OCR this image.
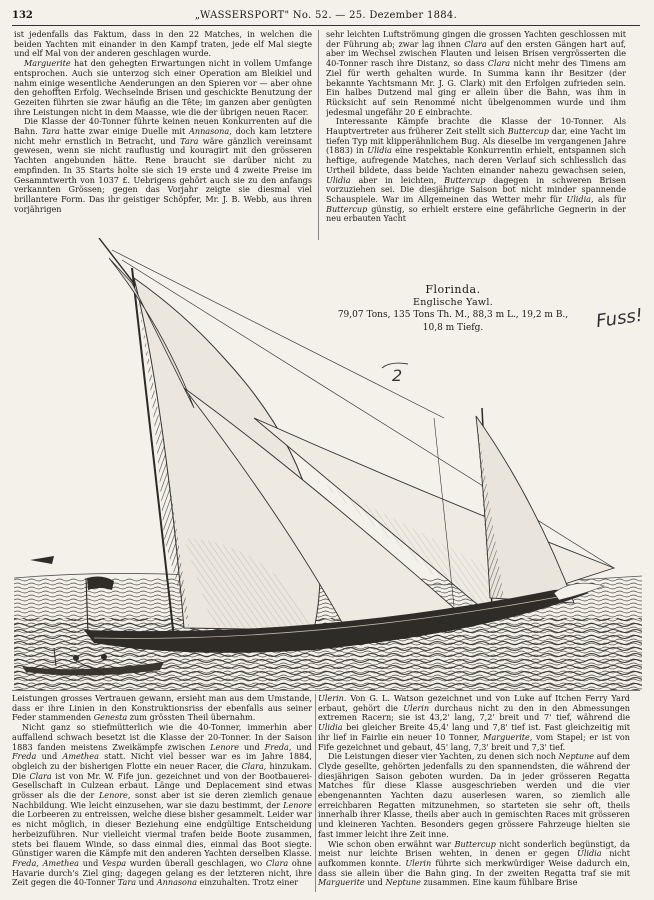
132	„WASSERSPORT" No. 52. — 25. Dezember 1884.

ist jedenfalls das Faktum, dass in den 22 Matches, in welchen die beiden Yachten mit einander in den Kampf traten, jede elf Mal siegte und elf Mal von der anderen geschlagen wurde.

Marguerite hat den gehegten Erwartungen nicht in vollem Umfange entsprochen. Auch sie unterzog sich einer Operation am Bleikiel und nahm einige wesentliche Aenderungen an den Spieren vor — aber ohne den gehofften Erfolg. Wechselnde Brisen und geschickte Benutzung der Gezeiten führten sie zwar häufig an die Tête; im ganzen aber genügten ihre Leistungen nicht in dem Maasse, wie die der übrigen neuen Racer.

Die Klasse der 40-Tonner führte keinen neuen Konkurrenten auf die Bahn. Tara hatte zwar einige Duelle mit Annasona, doch kam letztere nicht mehr ernstlich in Betracht, und Tara wäre gänzlich vereinsamt gewesen, wenn sie nicht rauflustig und kouragirt mit den grösseren Yachten angebunden hätte. Rene braucht sie darüber nicht zu empfinden. In 35 Starts holte sie sich 19 erste und 4 zweite Preise im Gesammtwerth von 1037 £. Uebrigens gehört auch sie zu den anfangs verkannten Grössen; gegen das Vorjahr zeigte sie diesmal viel brillantere Form. Das ihr geistiger Schöpfer, Mr. J. B. Webb, aus ihren vorjährigen

sehr leichten Luftströmung gingen die grossen Yachten geschlossen mit der Führung ab; zwar lag ihnen Clara auf den ersten Gängen hart auf, aber im Wechsel zwischen Flauten und leisen Brisen vergrösserten die 40-Tonner rasch ihre Distanz, so dass Clara nicht mehr des Timens am Ziel für werth gehalten wurde. In Summa kann ihr Besitzer (der bekannte Yachtsmann Mr. J. G. Clark) mit den Erfolgen zufrieden sein. Ein halbes Dutzend mal ging er allein über die Bahn, was ihm in Rücksicht auf sein Renommé nicht übelgenommen wurde und ihm jedesmal ungefähr 20 £ einbrachte.

Interessante Kämpfe brachte die Klasse der 10-Tonner. Als Hauptvertreter aus früherer Zeit stellt sich Buttercup dar, eine Yacht im tiefen Typ mit klipperähnlichem Bug. Als dieselbe im vergangenen Jahre (1883) in Ulidia eine respektable Konkurrentin erhielt, entspannen sich heftige, aufregende Matches, nach deren Verlauf sich schliesslich das Urtheil bildete, dass beide Yachten einander nahezu gewachsen seien, Ulidia aber in leichten, Buttercup dagegen in schweren Brisen vorzuziehen sei. Die diesjährige Saison bot nicht minder spannende Schauspiele. War im Allgemeinen das Wetter mehr für Ulidia, als für Buttercup günstig, so erhielt erstere eine gefährliche Gegnerin in der neu erbauten Yacht

Florinda.
Englische Yawl.
79,07 Tons, 135 Tons Th. M., 88,3 m L., 19,2 m B.,
10,8 m Tiefg.	Fuss!
2

Leistungen grosses Vertrauen gewann, ersieht man aus dem Umstande, dass er ihre Linien in den Konstruktionsriss der ebenfalls aus seiner Feder stammenden Genesta zum grössten Theil übernahm.

Nicht ganz so stiefmütterlich wie die 40-Tonner, immerhin aber auffallend schwach besetzt ist die Klasse der 20-Tonner. In der Saison 1883 fanden meistens Zweikämpfe zwischen Lenore und Freda, und Freda und Amethea statt. Nicht viel besser war es im Jahre 1884, obgleich zu der bisherigen Flotte ein neuer Racer, die Clara, hinzukam. Die Clara ist von Mr. W. Fife jun. gezeichnet und von der Bootbauerei-Gesellschaft in Culzean erbaut. Länge und Deplacement sind etwas grösser als die der Lenore, sonst aber ist sie deren ziemlich genaue Nachbildung. Wie leicht einzusehen, war sie dazu bestimmt, der Lenore die Lorbeeren zu entreissen, welche diese bisher gesammelt. Leider war es nicht möglich, in dieser Beziehung eine endgültige Entscheidung herbeizuführen. Nur vielleicht viermal trafen beide Boote zusammen, stets bei flauem Winde, so dass einmal dies, einmal das Boot siegte. Günstiger waren die Kämpfe mit den anderen Yachten derselben Klasse. Freda, Amethea und Vespa wurden überall geschlagen, wo Clara ohne Havarie durch's Ziel ging; dagegen gelang es der letzteren nicht, ihre Zeit gegen die 40-Tonner Tara und Annasona einzuhalten. Trotz einer

Ulerin. Von G. L. Watson gezeichnet und von Luke auf Itchen Ferry Yard erbaut, gehört die Ulerin durchaus nicht zu den in den Abmessungen extremen Racern; sie ist 43,2' lang, 7,2' breit und 7' tief, während die Ulidia bei gleicher Breite 45,4' lang und 7,8' tief ist. Fast gleichzeitig mit ihr lief in Fairlie ein neuer 10 Tonner, Marguerite, vom Stapel; er ist von Fife gezeichnet und gebaut, 45' lang, 7,3' breit und 7,3' tief.

Die Leistungen dieser vier Yachten, zu denen sich noch Neptune auf dem Clyde gesellte, gehörten jedenfalls zu den spannendsten, die während der diesjährigen Saison geboten wurden. Da in jeder grösseren Regatta Matches für diese Klasse ausgeschrieben werden und die vier ebengenannten Yachten dazu auserlesen waren, so ziemlich alle erreichbaren Regatten mitzunehmen, so starteten sie sehr oft, theils innerhalb ihrer Klasse, theils aber auch in gemischten Races mit grösseren und kleineren Yachten. Besonders gegen grössere Fahrzeuge hielten sie fast immer leicht ihre Zeit inne.

Wie schon oben erwähnt war Buttercup nicht sonderlich begünstigt, da meist nur leichte Brisen wehten, in denen er gegen Ulidia nicht aufkommen konnte. Ulerin führte sich merkwürdiger Weise dadurch ein, dass sie allein über die Bahn ging. In der zweiten Regatta traf sie mit Marguerite und Neptune zusammen. Eine kaum fühlbare Brise
